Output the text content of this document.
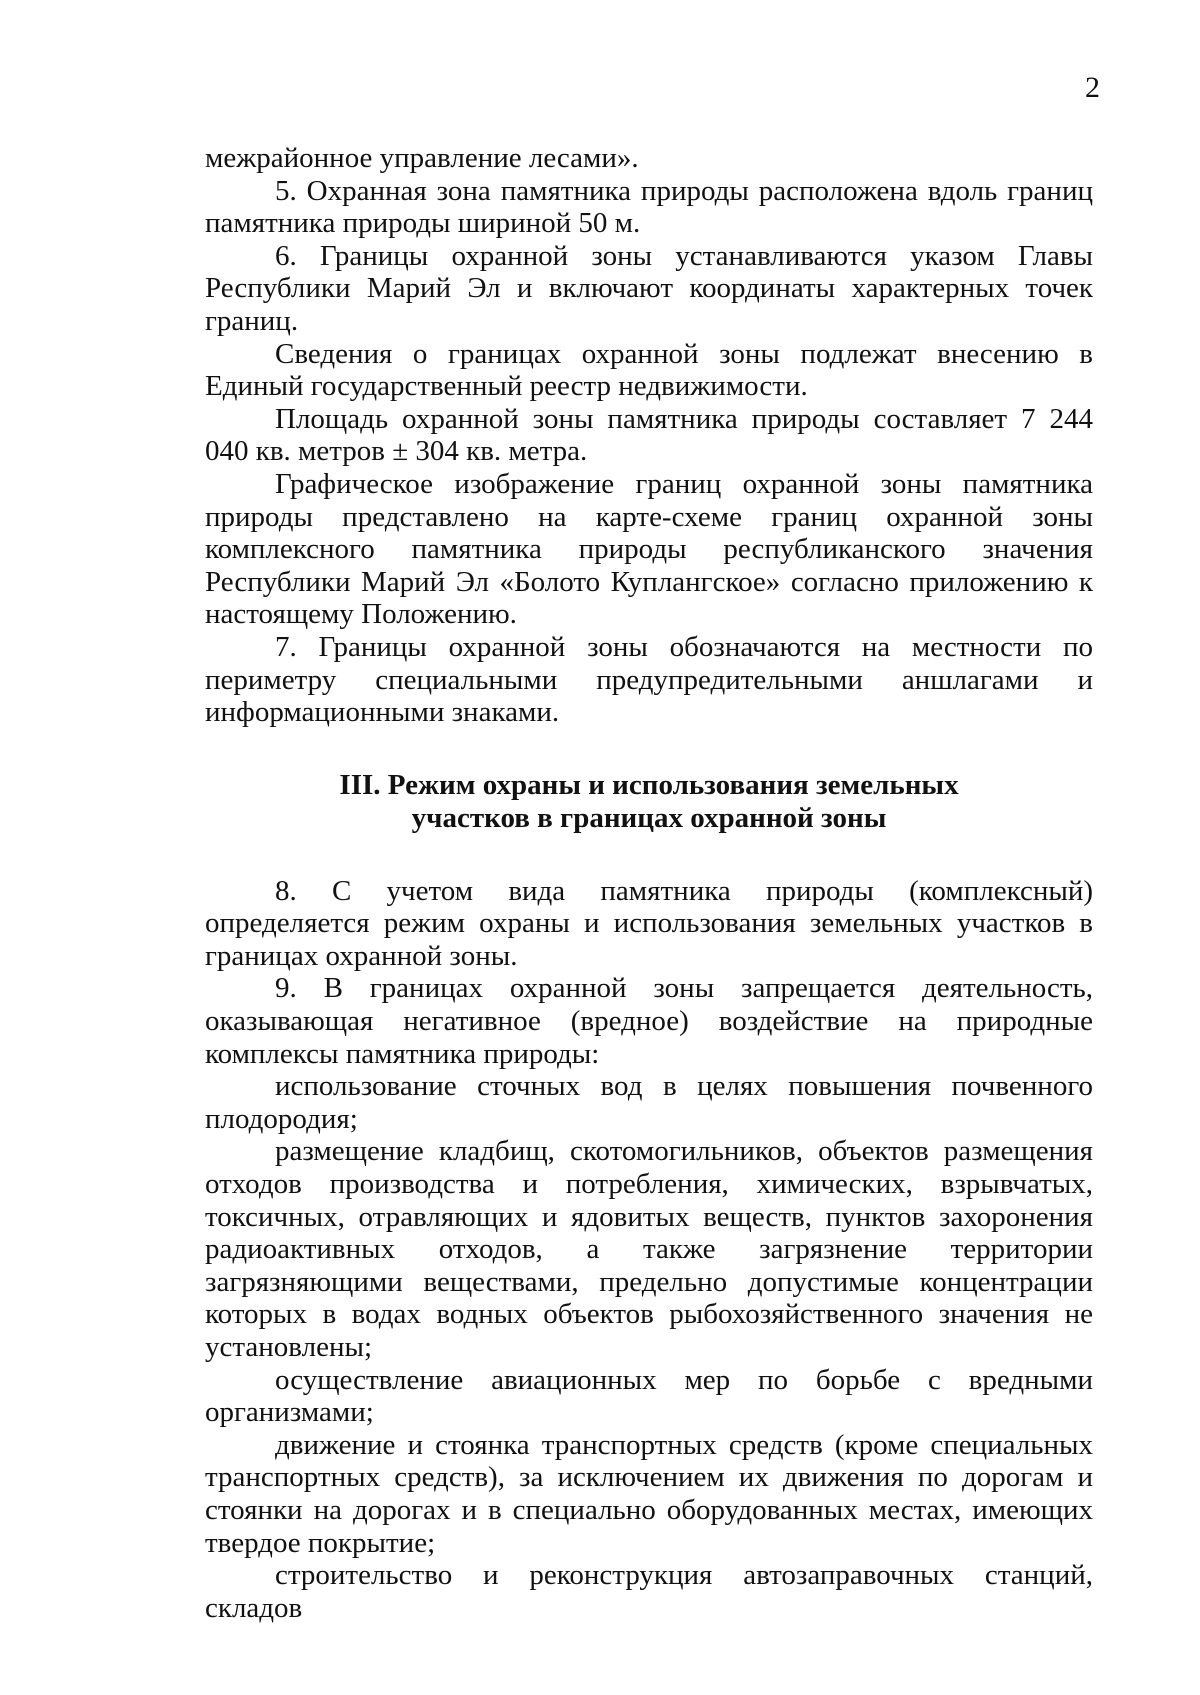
2

межрайонное управление лесами».

5. Охранная зона памятника природы расположена вдоль границ памятника природы шириной 50 м.

6. Границы охранной зоны устанавливаются указом Главы Республики Марий Эл и включают координаты характерных точек границ.

Сведения о границах охранной зоны подлежат внесению в Единый государственный реестр недвижимости.

Площадь охранной зоны памятника природы составляет 7 244 040 кв. метров ± 304 кв. метра.

Графическое изображение границ охранной зоны памятника природы представлено на карте-схеме границ охранной зоны комплексного памятника природы республиканского значения Республики Марий Эл «Болото Куплангское» согласно приложению к настоящему Положению.

7. Границы охранной зоны обозначаются на местности по периметру специальными предупредительными аншлагами и информационными знаками.

III. Режим охраны и использования земельных

участков в границах охранной зоны

8. С учетом вида памятника природы (комплексный) определяется режим охраны и использования земельных участков в границах охранной зоны.

9. В границах охранной зоны запрещается деятельность, оказывающая негативное (вредное) воздействие на природные комплексы памятника природы:

использование сточных вод в целях повышения почвенного плодородия;

размещение кладбищ, скотомогильников, объектов размещения отходов производства и потребления, химических, взрывчатых, токсичных, отравляющих и ядовитых веществ, пунктов захоронения радиоактивных отходов, а также загрязнение территории загрязняющими веществами, предельно допустимые концентрации которых в водах водных объектов рыбохозяйственного значения не установлены;

осуществление авиационных мер по борьбе с вредными организмами;

движение и стоянка транспортных средств (кроме специальных транспортных средств), за исключением их движения по дорогам и стоянки на дорогах и в специально оборудованных местах, имеющих твердое покрытие;

строительство и реконструкция автозаправочных станций, складов
